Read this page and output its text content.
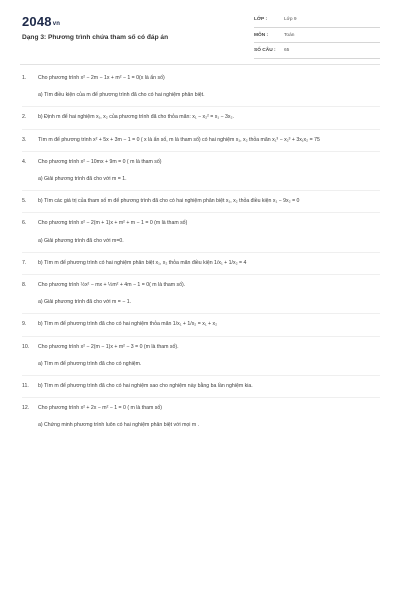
2048vn
Dạng 3: Phương trình chứa tham số có đáp án
LỚP :	Lớp 9
MÔN :	Toán
SỐ CÂU : 65
1. Cho phương trình x² − 2m − 1x + m² − 1 = 0(x là ẩn số)
a) Tìm điều kiện của m để phương trình đã cho có hai nghiệm phân biệt.
2. b) Định m để hai nghiệm x₁, x₂ của phương trình đã cho thỏa mãn: x₁ − x₂² = x₁ − 3x₂.
3. Tìm m để phương trình x² + 5x + 3m − 1 = 0 ( x là ẩn số, m là tham số) có hai nghiệm x₁, x₂ thỏa mãn x₁³ − x₂³ + 3x₁x₂ = 75
4. Cho phương trình x² − 10mx + 9m = 0 ( m là tham số)
a) Giải phương trình đã cho với m = 1.
5. b) Tìm các giá trị của tham số m để phương trình đã cho có hai nghiệm phân biệt x₁, x₂ thỏa điều kiện x₁ − 9x₂ = 0
6. Cho phương trình x² − 2(m + 1)x + m² + m − 1 = 0 (m là tham số)
a) Giải phương trình đã cho với m=0.
7. b) Tìm m để phương trình có hai nghiệm phân biệt x₁, x₂ thỏa mãn điều kiện 1/x₁ + 1/x₂ = 4
8. Cho phương trình ½x² − mx + ½m² + 4m − 1 = 0( m là tham số).
a) Giải phương trình đã cho với m = − 1.
9. b) Tìm m để phương trình đã cho có hai nghiệm thỏa mãn 1/x₁ + 1/x₂ = x₁ + x₂
10. Cho phương trình x² − 2(m − 1)x + m² − 3 = 0 (m là tham số).
a) Tìm m để phương trình đã cho có nghiệm.
11. b) Tìm m để phương trình đã cho có hai nghiệm sao cho nghiệm này bằng ba lần nghiệm kia.
12. Cho phương trình x² + 2x − m² − 1 = 0 ( m là tham số)
a) Chứng minh phương trình luôn có hai nghiệm phân biệt với mọi m .
